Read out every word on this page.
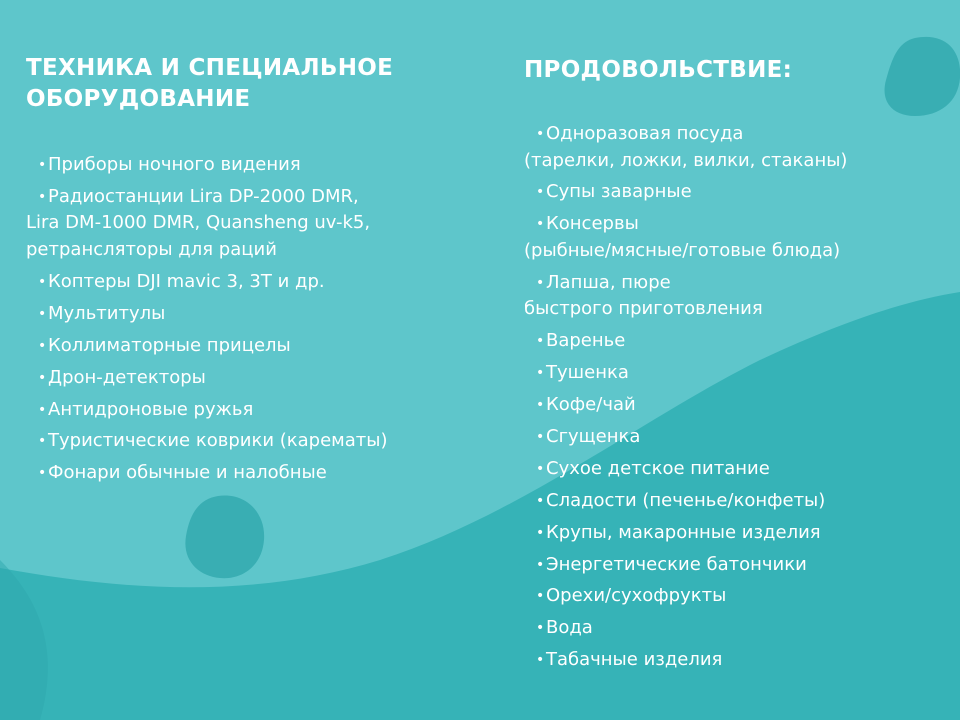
ТЕХНИКА И СПЕЦИАЛЬНОЕ ОБОРУДОВАНИЕ
• Приборы ночного видения
• Радиостанции Lira DP-2000 DMR,
Lira DM-1000 DMR, Quansheng uv-k5,
ретрансляторы для раций
• Коптеры DJI mavic 3, 3T и др.
• Мультитулы
• Коллиматорные прицелы
• Дрон-детекторы
• Антидроновые ружья
• Туристические коврики (карематы)
• Фонари обычные и налобные
ПРОДОВОЛЬСТВИЕ:
• Одноразовая посуда
(тарелки, ложки, вилки, стаканы)
• Супы заварные
• Консервы
(рыбные/мясные/готовые блюда)
• Лапша, пюре
быстрого приготовления
• Варенье
• Тушенка
• Кофе/чай
• Сгущенка
• Сухое детское питание
• Сладости (печенье/конфеты)
• Крупы, макаронные изделия
• Энергетические батончики
• Орехи/сухофрукты
• Вода
• Табачные изделия
